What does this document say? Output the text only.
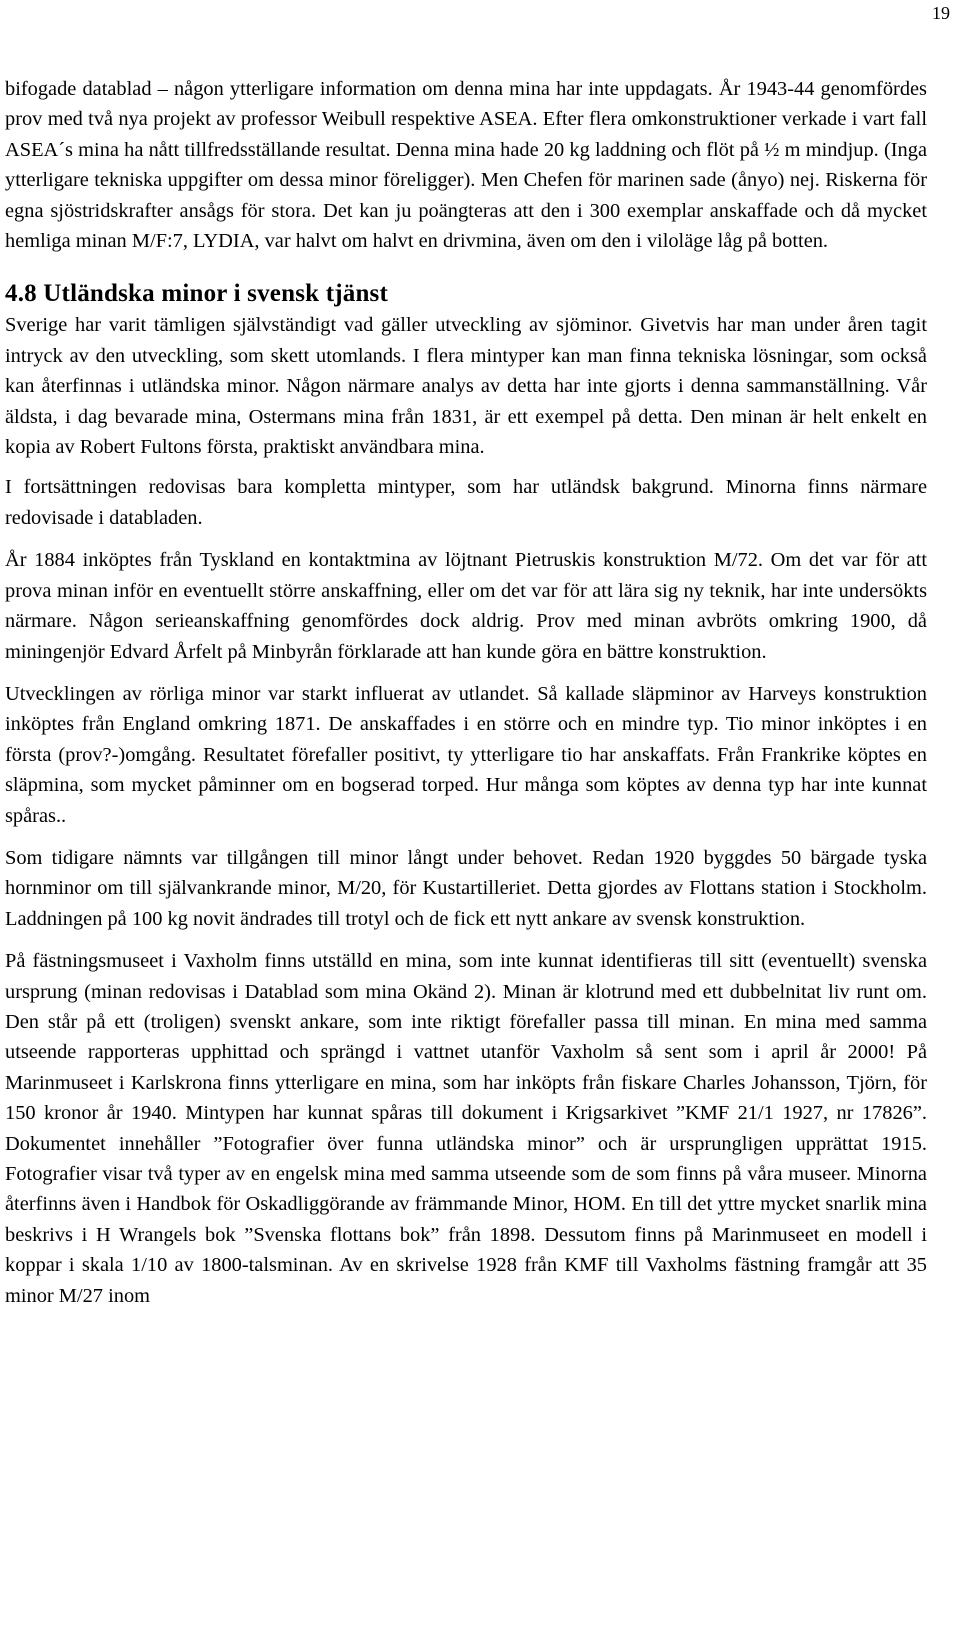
19

bifogade datablad – någon ytterligare information om denna mina har inte uppdagats. År 1943-44 genomfördes prov med två nya projekt av professor Weibull respektive ASEA. Efter flera omkonstruktioner verkade i vart fall ASEA´s mina ha nått tillfredsställande resultat. Denna mina hade 20 kg laddning och flöt på ½ m mindjup. (Inga ytterligare tekniska uppgifter om dessa minor föreligger). Men Chefen för marinen sade (ånyo) nej. Riskerna för egna sjöstridskrafter ansågs för stora. Det kan ju poängteras att den i 300 exemplar anskaffade och då mycket hemliga minan M/F:7, LYDIA, var halvt om halvt en drivmina, även om den i viloläge låg på botten.

4.8 Utländska minor i svensk tjänst

Sverige har varit tämligen självständigt vad gäller utveckling av sjöminor. Givetvis har man under åren tagit intryck av den utveckling, som skett utomlands. I flera mintyper kan man finna tekniska lösningar, som också kan återfinnas i utländska minor. Någon närmare analys av detta har inte gjorts i denna sammanställning. Vår äldsta, i dag bevarade mina, Ostermans mina från 1831, är ett exempel på detta. Den minan är helt enkelt en kopia av Robert Fultons första, praktiskt användbara mina.

I fortsättningen redovisas bara kompletta mintyper, som har utländsk bakgrund. Minorna finns närmare redovisade i databladen.

År 1884 inköptes från Tyskland en kontaktmina av löjtnant Pietruskis konstruktion M/72. Om det var för att prova minan inför en eventuellt större anskaffning, eller om det var för att lära sig ny teknik, har inte undersökts närmare. Någon serieanskaffning genomfördes dock aldrig. Prov med minan avbröts omkring 1900, då miningenjör Edvard Årfelt på Minbyrån förklarade att han kunde göra en bättre konstruktion.

Utvecklingen av rörliga minor var starkt influerat av utlandet. Så kallade släpminor av Harveys konstruktion inköptes från England omkring 1871. De anskaffades i en större och en mindre typ. Tio minor inköptes i en första (prov?-)omgång. Resultatet förefaller positivt, ty ytterligare tio har anskaffats. Från Frankrike köptes en släpmina, som mycket påminner om en bogserad torped. Hur många som köptes av denna typ har inte kunnat spåras..

Som tidigare nämnts var tillgången till minor långt under behovet. Redan 1920 byggdes 50 bärgade tyska hornminor om till självankrande minor, M/20, för Kustartilleriet. Detta gjordes av Flottans station i Stockholm. Laddningen på 100 kg novit ändrades till trotyl och de fick ett nytt ankare av svensk konstruktion.

På fästningsmuseet i Vaxholm finns utställd en mina, som inte kunnat identifieras till sitt (eventuellt) svenska ursprung (minan redovisas i Datablad som mina Okänd 2). Minan är klotrund med ett dubbelnitat liv runt om. Den står på ett (troligen) svenskt ankare, som inte riktigt förefaller passa till minan. En mina med samma utseende rapporteras upphittad och sprängd i vattnet utanför Vaxholm så sent som i april år 2000! På Marinmuseet i Karlskrona finns ytterligare en mina, som har inköpts från fiskare Charles Johansson, Tjörn, för 150 kronor år 1940. Mintypen har kunnat spåras till dokument i Krigsarkivet ”KMF 21/1 1927, nr 17826”. Dokumentet innehåller ”Fotografier över funna utländska minor” och är ursprungligen upprättat 1915. Fotografier visar två typer av en engelsk mina med samma utseende som de som finns på våra museer. Minorna återfinns även i Handbok för Oskadliggörande av främmande Minor, HOM. En till det yttre mycket snarlik mina beskrivs i H Wrangels bok ”Svenska flottans bok” från 1898. Dessutom finns på Marinmuseet en modell i koppar i skala 1/10 av 1800-talsminan. Av en skrivelse 1928 från KMF till Vaxholms fästning framgår att 35 minor M/27 inom
